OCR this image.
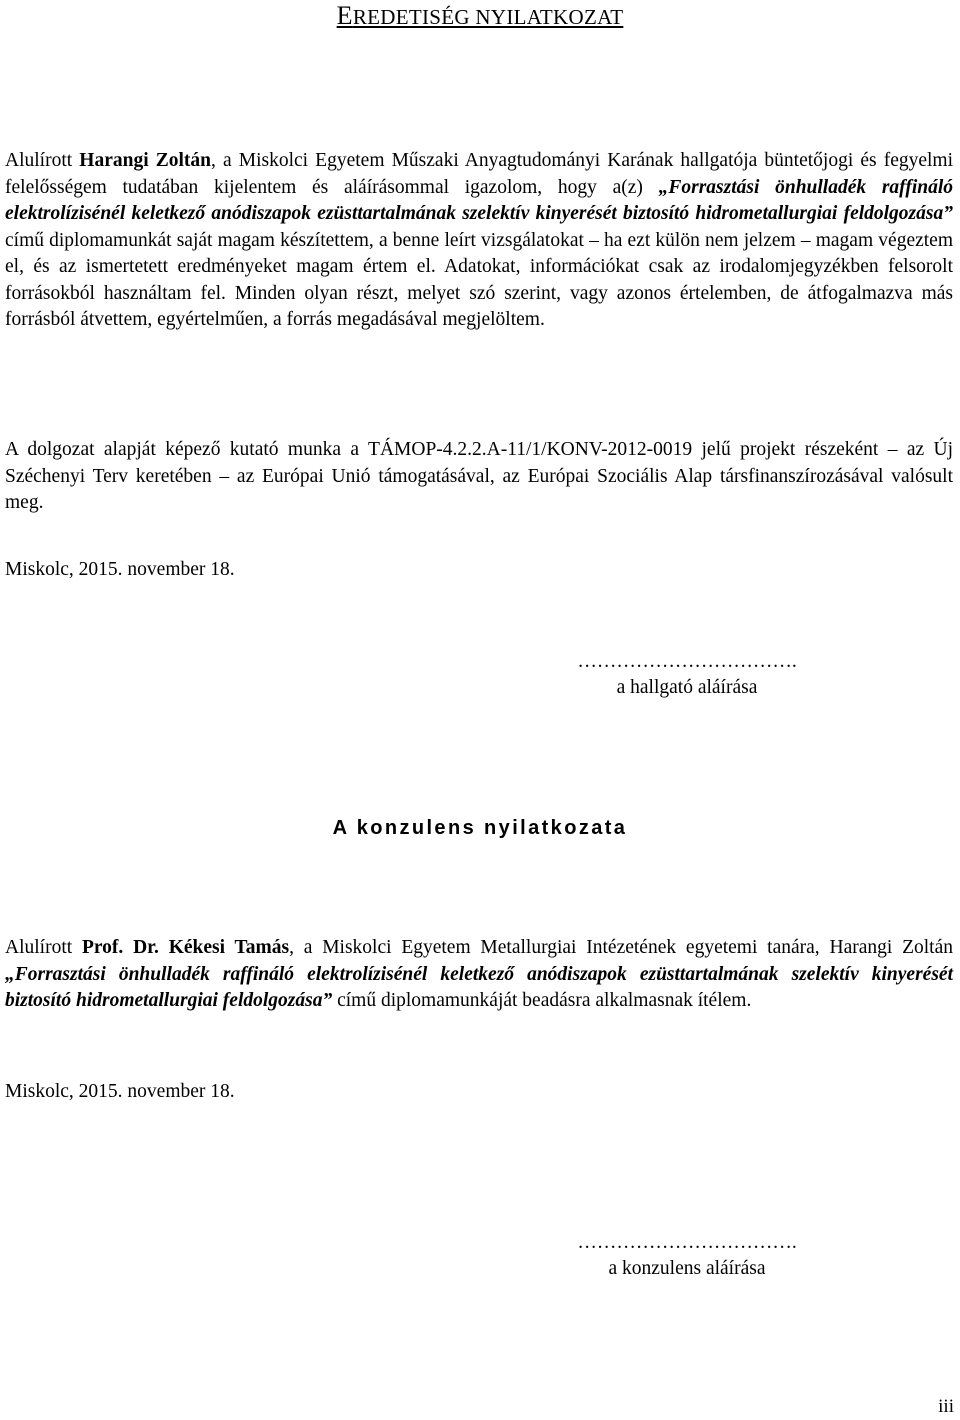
EREDETISÉG NYILATKOZAT

Alulírott Harangi Zoltán, a Miskolci Egyetem Műszaki Anyagtudományi Karának hallgatója büntetőjogi és fegyelmi felelősségem tudatában kijelentem és aláírásommal igazolom, hogy a(z) „Forrasztási önhulladék raffináló elektrolízisénél keletkező anódiszapok ezüsttartalmának szelektív kinyerését biztosító hidrometallurgiai feldolgozása” című diplomamunkát saját magam készítettem, a benne leírt vizsgálatokat – ha ezt külön nem jelzem – magam végeztem el, és az ismertetett eredményeket magam értem el. Adatokat, információkat csak az irodalomjegyzékben felsorolt forrásokból használtam fel. Minden olyan részt, melyet szó szerint, vagy azonos értelemben, de átfogalmazva más forrásból átvettem, egyértelműen, a forrás megadásával megjelöltem.

A dolgozat alapját képező kutató munka a TÁMOP-4.2.2.A-11/1/KONV-2012-0019 jelű projekt részeként – az Új Széchenyi Terv keretében – az Európai Unió támogatásával, az Európai Szociális Alap társfinanszírozásával valósult meg.

Miskolc, 2015. november 18.

…………………………….
a hallgató aláírása
A konzulens nyilatkozata

Alulírott Prof. Dr. Kékesi Tamás, a Miskolci Egyetem Metallurgiai Intézetének egyetemi tanára, Harangi Zoltán „Forrasztási önhulladék raffináló elektrolízisénél keletkező anódiszapok ezüsttartalmának szelektív kinyerését biztosító hidrometallurgiai feldolgozása” című diplomamunkáját beadásra alkalmasnak ítélem.

Miskolc, 2015. november 18.

…………………………….
a konzulens aláírása
iii
